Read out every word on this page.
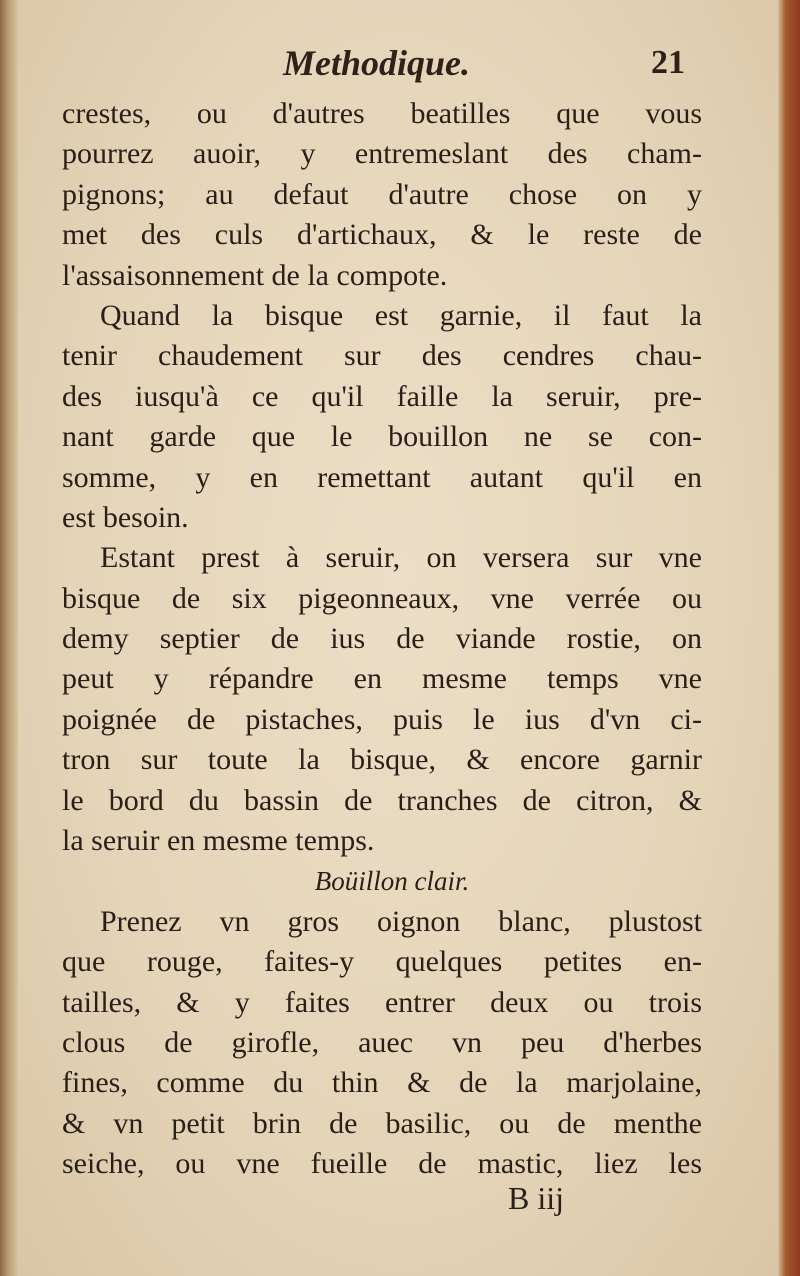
Methodique.	21
crestes, ou d'autres beatilles que vous
pourrez auoir, y entremeslant des cham-
pignons; au defaut d'autre chose on y
met des culs d'artichaux, & le reste de
l'assaisonnement de la compote.
Quand la bisque est garnie, il faut la
tenir chaudement sur des cendres chau-
des iusqu'à ce qu'il faille la seruir, pre-
nant garde que le bouillon ne se con-
somme, y en remettant autant qu'il en
est besoin.
Estant prest à seruir, on versera sur vne
bisque de six pigeonneaux, vne verrée ou
demy septier de ius de viande rostie, on
peut y répandre en mesme temps vne
poignée de pistaches, puis le ius d'vn ci-
tron sur toute la bisque, & encore garnir
le bord du bassin de tranches de citron, &
la seruir en mesme temps.
Boüillon clair.
Prenez vn gros oignon blanc, plustost
que rouge, faites-y quelques petites en-
tailles, & y faites entrer deux ou trois
clous de girofle, auec vn peu d'herbes
fines, comme du thin & de la marjolaine,
& vn petit brin de basilic, ou de menthe
seiche, ou vne fueille de mastic, liez les
B iij
